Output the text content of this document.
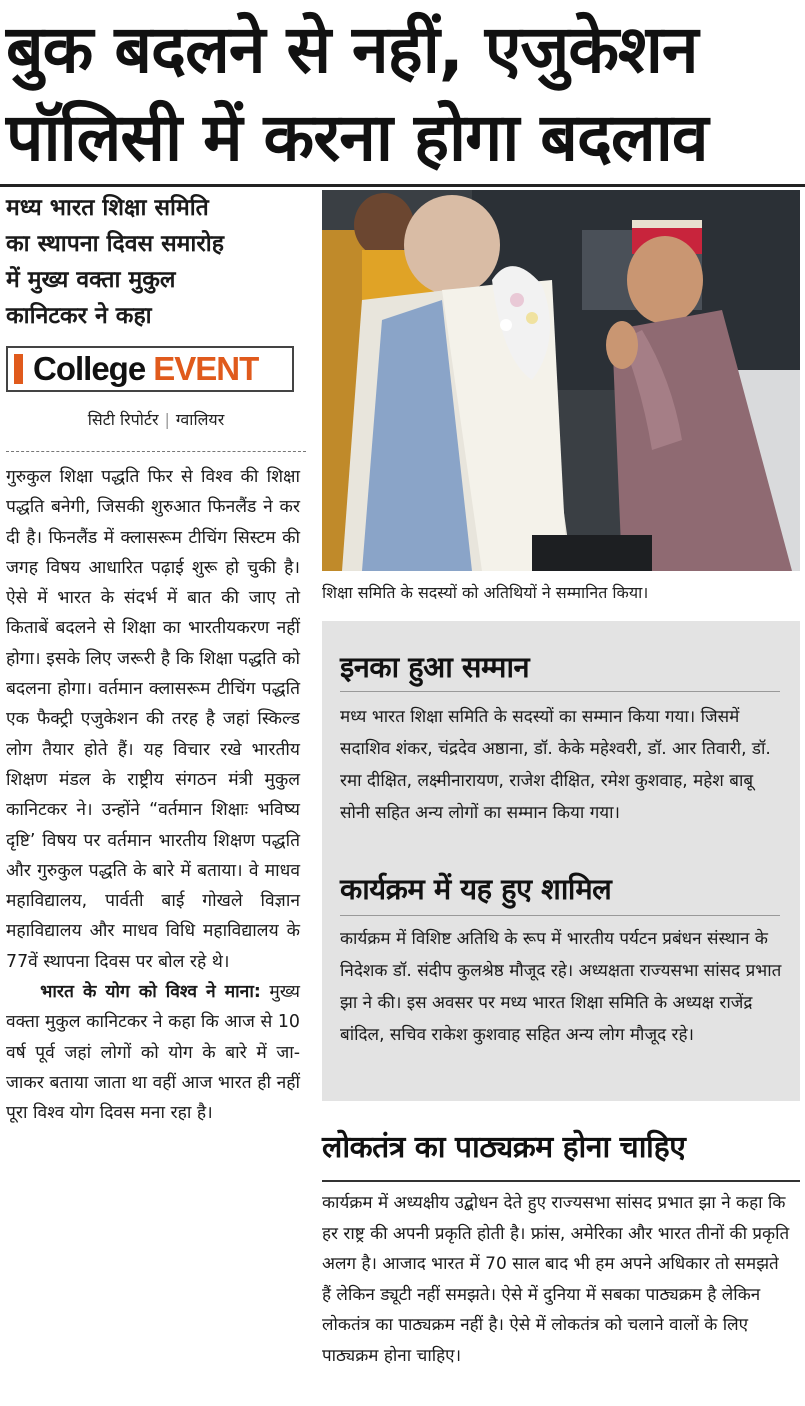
बुक बदलने से नहीं, एजुकेशन
पॉलिसी में करना होगा बदलाव
मध्य भारत शिक्षा समिति
का स्थापना दिवस समारोह
में मुख्य वक्ता मुकुल
कानिटकर ने कहा
College EVENT
सिटी रिपोर्टर | ग्वालियर

गुरुकुल शिक्षा पद्धति फिर से विश्व की शिक्षा पद्धति बनेगी, जिसकी शुरुआत फिनलैंड ने कर दी है। फिनलैंड में क्लासरूम टीचिंग सिस्टम की जगह विषय आधारित पढ़ाई शुरू हो चुकी है। ऐसे में भारत के संदर्भ में बात की जाए तो किताबें बदलने से शिक्षा का भारतीयकरण नहीं होगा। इसके लिए जरूरी है कि शिक्षा पद्धति को बदलना होगा। वर्तमान क्लासरूम टीचिंग पद्धति एक फैक्ट्री एजुकेशन की तरह है जहां स्किल्ड लोग तैयार होते हैं। यह विचार रखे भारतीय शिक्षण मंडल के राष्ट्रीय संगठन मंत्री मुकुल कानिटकर ने। उन्होंने “वर्तमान शिक्षाः भविष्य दृष्टि’ विषय पर वर्तमान भारतीय शिक्षण पद्धति और गुरुकुल पद्धति के बारे में बताया। वे माधव महाविद्यालय, पार्वती बाई गोखले विज्ञान महाविद्यालय और माधव विधि महाविद्यालय के 77वें स्थापना दिवस पर बोल रहे थे।

भारत के योग को विश्व ने माना: मुख्य वक्ता मुकुल कानिटकर ने कहा कि आज से 10 वर्ष पूर्व जहां लोगों को योग के बारे में जा-जाकर बताया जाता था वहीं आज भारत ही नहीं पूरा विश्व योग दिवस मना रहा है।

शिक्षा समिति के सदस्यों को अतिथियों ने सम्मानित किया।
इनका हुआ सम्मान
मध्य भारत शिक्षा समिति के सदस्यों का सम्मान किया गया। जिसमें सदाशिव शंकर, चंद्रदेव अष्ठाना, डॉ. केके महेश्वरी, डॉ. आर तिवारी, डॉ. रमा दीक्षित, लक्ष्मीनारायण, राजेश दीक्षित, रमेश कुशवाह, महेश बाबू सोनी सहित अन्य लोगों का सम्मान किया गया।
कार्यक्रम में यह हुए शामिल
कार्यक्रम में विशिष्ट अतिथि के रूप में भारतीय पर्यटन प्रबंधन संस्थान के निदेशक डॉ. संदीप कुलश्रेष्ठ मौजूद रहे। अध्यक्षता राज्यसभा सांसद प्रभात झा ने की। इस अवसर पर मध्य भारत शिक्षा समिति के अध्यक्ष राजेंद्र बांदिल, सचिव राकेश कुशवाह सहित अन्य लोग मौजूद रहे।
लोकतंत्र का पाठ्यक्रम होना चाहिए
कार्यक्रम में अध्यक्षीय उद्बोधन देते हुए राज्यसभा सांसद प्रभात झा ने कहा कि हर राष्ट्र की अपनी प्रकृति होती है। फ्रांस, अमेरिका और भारत तीनों की प्रकृति अलग है। आजाद भारत में 70 साल बाद भी हम अपने अधिकार तो समझते हैं लेकिन ड्यूटी नहीं समझते। ऐसे में दुनिया में सबका पाठ्यक्रम है लेकिन लोकतंत्र का पाठ्यक्रम नहीं है। ऐसे में लोकतंत्र को चलाने वालों के लिए पाठ्यक्रम होना चाहिए।
